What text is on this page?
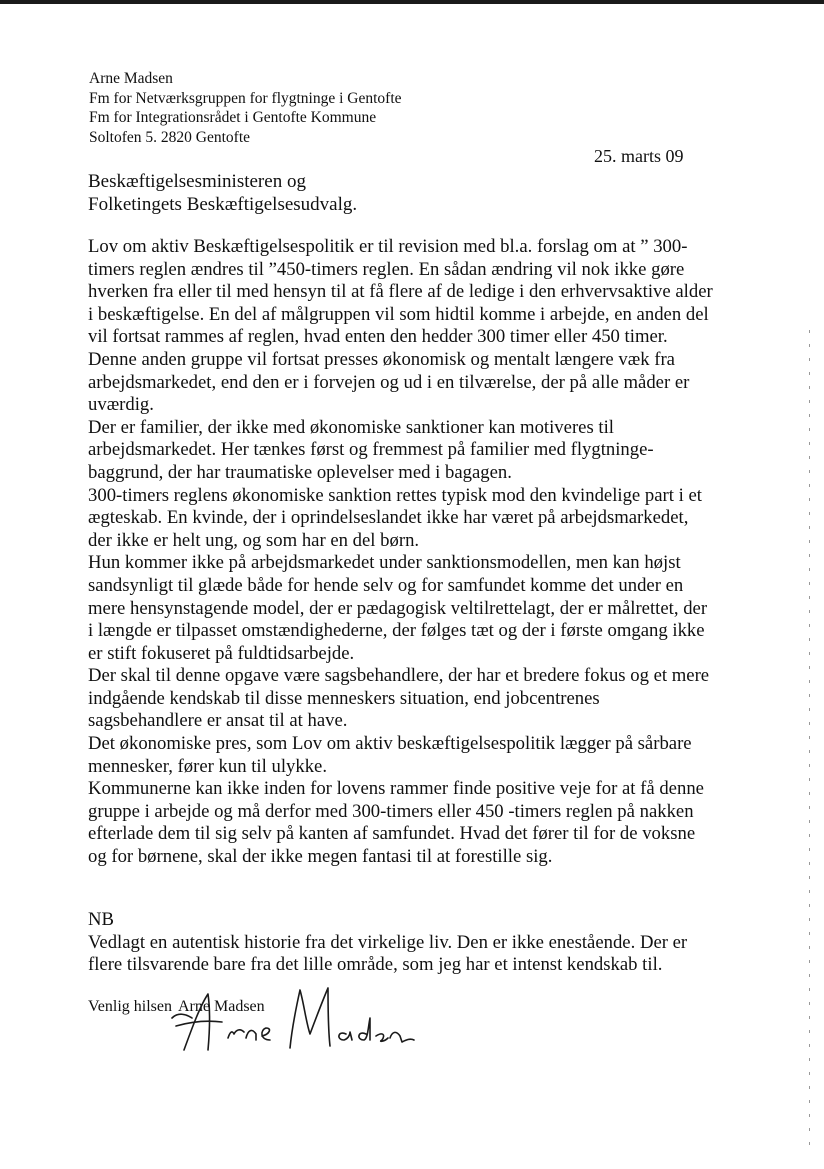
Arne Madsen
Fm for Netværksgruppen for flygtninge i Gentofte
Fm for Integrationsrådet i Gentofte Kommune
Soltofen 5. 2820 Gentofte
25. marts 09
Beskæftigelsesministeren og
Folketingets Beskæftigelsesudvalg.

Lov om aktiv Beskæftigelsespolitik er til revision med bl.a. forslag om at ” 300-timers reglen ændres til ”450-timers reglen. En sådan ændring vil nok ikke gøre hverken fra eller til med hensyn til at få flere af de ledige i den erhvervsaktive alder i beskæftigelse. En del af målgruppen vil som hidtil komme i arbejde, en anden del vil fortsat rammes af reglen, hvad enten den hedder 300 timer eller 450 timer.

Denne anden gruppe vil fortsat presses økonomisk og mentalt længere væk fra arbejdsmarkedet, end den er i forvejen og ud i en tilværelse, der på alle måder er uværdig.

Der er familier, der ikke med økonomiske sanktioner kan motiveres til arbejdsmarkedet. Her tænkes først og fremmest på familier med flygtninge-baggrund, der har traumatiske oplevelser med i bagagen.

300-timers reglens økonomiske sanktion rettes typisk mod den kvindelige part i et ægteskab. En kvinde, der i oprindelseslandet ikke har været på arbejdsmarkedet, der ikke er helt ung, og som har en del børn.

Hun kommer ikke på arbejdsmarkedet under sanktionsmodellen, men kan højst sandsynligt til glæde både for hende selv og for samfundet komme det under en mere hensynstagende model, der er pædagogisk veltilrettelagt, der er målrettet, der i længde er tilpasset omstændighederne, der følges tæt og der i første omgang ikke er stift fokuseret på fuldtidsarbejde.

Der skal til denne opgave være sagsbehandlere, der har et bredere fokus og et mere indgående kendskab til disse menneskers situation, end jobcentrenes sagsbehandlere er ansat til at have.

Det økonomiske pres, som Lov om aktiv beskæftigelsespolitik lægger på sårbare mennesker, fører kun til ulykke.

Kommunerne kan ikke inden for lovens rammer finde positive veje for at få denne gruppe i arbejde og må derfor med 300-timers eller 450 -timers reglen på nakken efterlade dem til sig selv på kanten af samfundet. Hvad det fører til for de voksne og for børnene, skal der ikke megen fantasi til at forestille sig.

NB

Vedlagt en autentisk historie fra det virkelige liv. Den er ikke enestående. Der er flere tilsvarende bare fra det lille område, som jeg har et intenst kendskab til.

Venlig hilsen Arne Madsen
